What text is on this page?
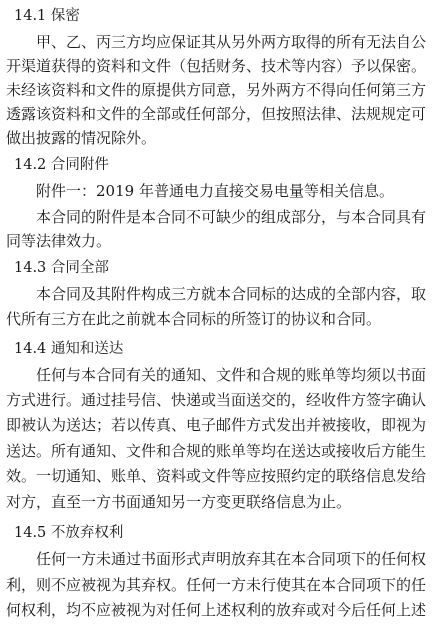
14.1 保密
甲、乙、丙三方均应保证其从另外两方取得的所有无法自公
开渠道获得的资料和文件（包括财务、技术等内容）予以保密。
未经该资料和文件的原提供方同意，另外两方不得向任何第三方
透露该资料和文件的全部或任何部分，但按照法律、法规规定可
做出披露的情况除外。
14.2 合同附件
附件一：2019 年普通电力直接交易电量等相关信息。
本合同的附件是本合同不可缺少的组成部分，与本合同具有
同等法律效力。
14.3 合同全部
本合同及其附件构成三方就本合同标的达成的全部内容，取
代所有三方在此之前就本合同标的所签订的协议和合同。
14.4 通知和送达
任何与本合同有关的通知、文件和合规的账单等均须以书面
方式进行。通过挂号信、快递或当面送交的，经收件方签字确认
即被认为送达；若以传真、电子邮件方式发出并被接收，即视为
送达。所有通知、文件和合规的账单等均在送达或接收后方能生
效。一切通知、账单、资料或文件等应按照约定的联络信息发给
对方，直至一方书面通知另一方变更联络信息为止。
14.5 不放弃权利
任何一方未通过书面形式声明放弃其在本合同项下的任何权
利，则不应被视为其弃权。任何一方未行使其在本合同项下的任
何权利，均不应被视为对任何上述权利的放弃或对今后任何上述
